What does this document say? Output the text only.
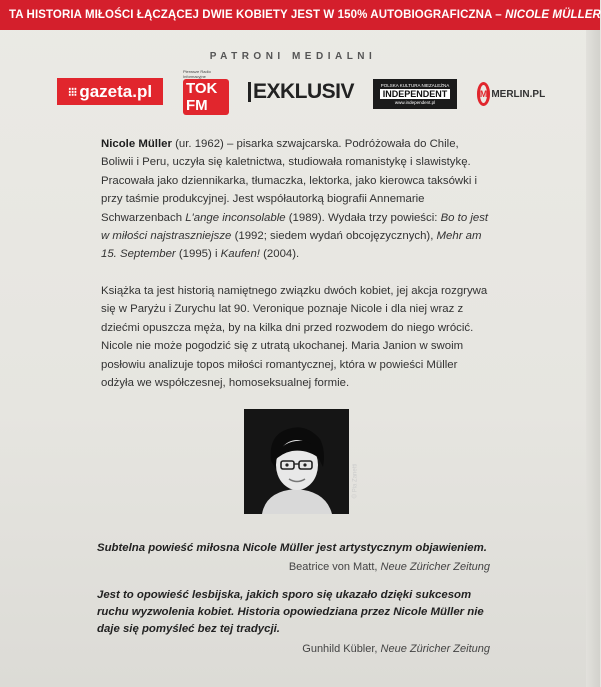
TA HISTORIA MIŁOŚCI ŁĄCZĄCEJ DWIE KOBIETY JEST W 150% AUTOBIOGRAFICZNA – NICOLE MÜLLER
PATRONI MEDIALNI
⁝⁝⁝ gazeta.pl
Pierwsze Radio Informacyjne
TOK FM
EXKLUSIV	POLSKA KULTURA NIEZALEŻNA
INDEPENDENT
www.independent.pl
M MERLIN.PL
Nicole Müller (ur. 1962) – pisarka szwajcarska. Podróżowała do Chile, Boliwii i Peru, uczyła się kaletnictwa, studiowała romanistykę i slawistykę. Pracowała jako dziennikarka, tłumaczka, lektorka, jako kierowca taksówki i przy taśmie produkcyjnej. Jest współautorką biografii Annemarie Schwarzenbach L'ange inconsolable (1989). Wydała trzy powieści: Bo to jest w miłości najstraszniejsze (1992; siedem wydań obcojęzycznych), Mehr am 15. September (1995) i Kaufen! (2004).
Książka ta jest historią namiętnego związku dwóch kobiet, jej akcja rozgrywa się w Paryżu i Zurychu lat 90. Veronique poznaje Nicole i dla niej wraz z dziećmi opuszcza męża, by na kilka dni przed rozwodem do niego wrócić. Nicole nie może pogodzić się z utratą ukochanej. Maria Janion w swoim posłowiu analizuje topos miłości romantycznej, która w powieści Müller odżyła we współczesnej, homoseksualnej formie.
© Pia Zanetti
Subtelna powieść miłosna Nicole Müller jest artystycznym objawieniem.
Beatrice von Matt, Neue Züricher Zeitung
Jest to opowieść lesbijska, jakich sporo się ukazało dzięki sukcesom ruchu wyzwolenia kobiet. Historia opowiedziana przez Nicole Müller nie daje się pomyśleć bez tej tradycji.
Gunhild Kübler, Neue Züricher Zeitung
